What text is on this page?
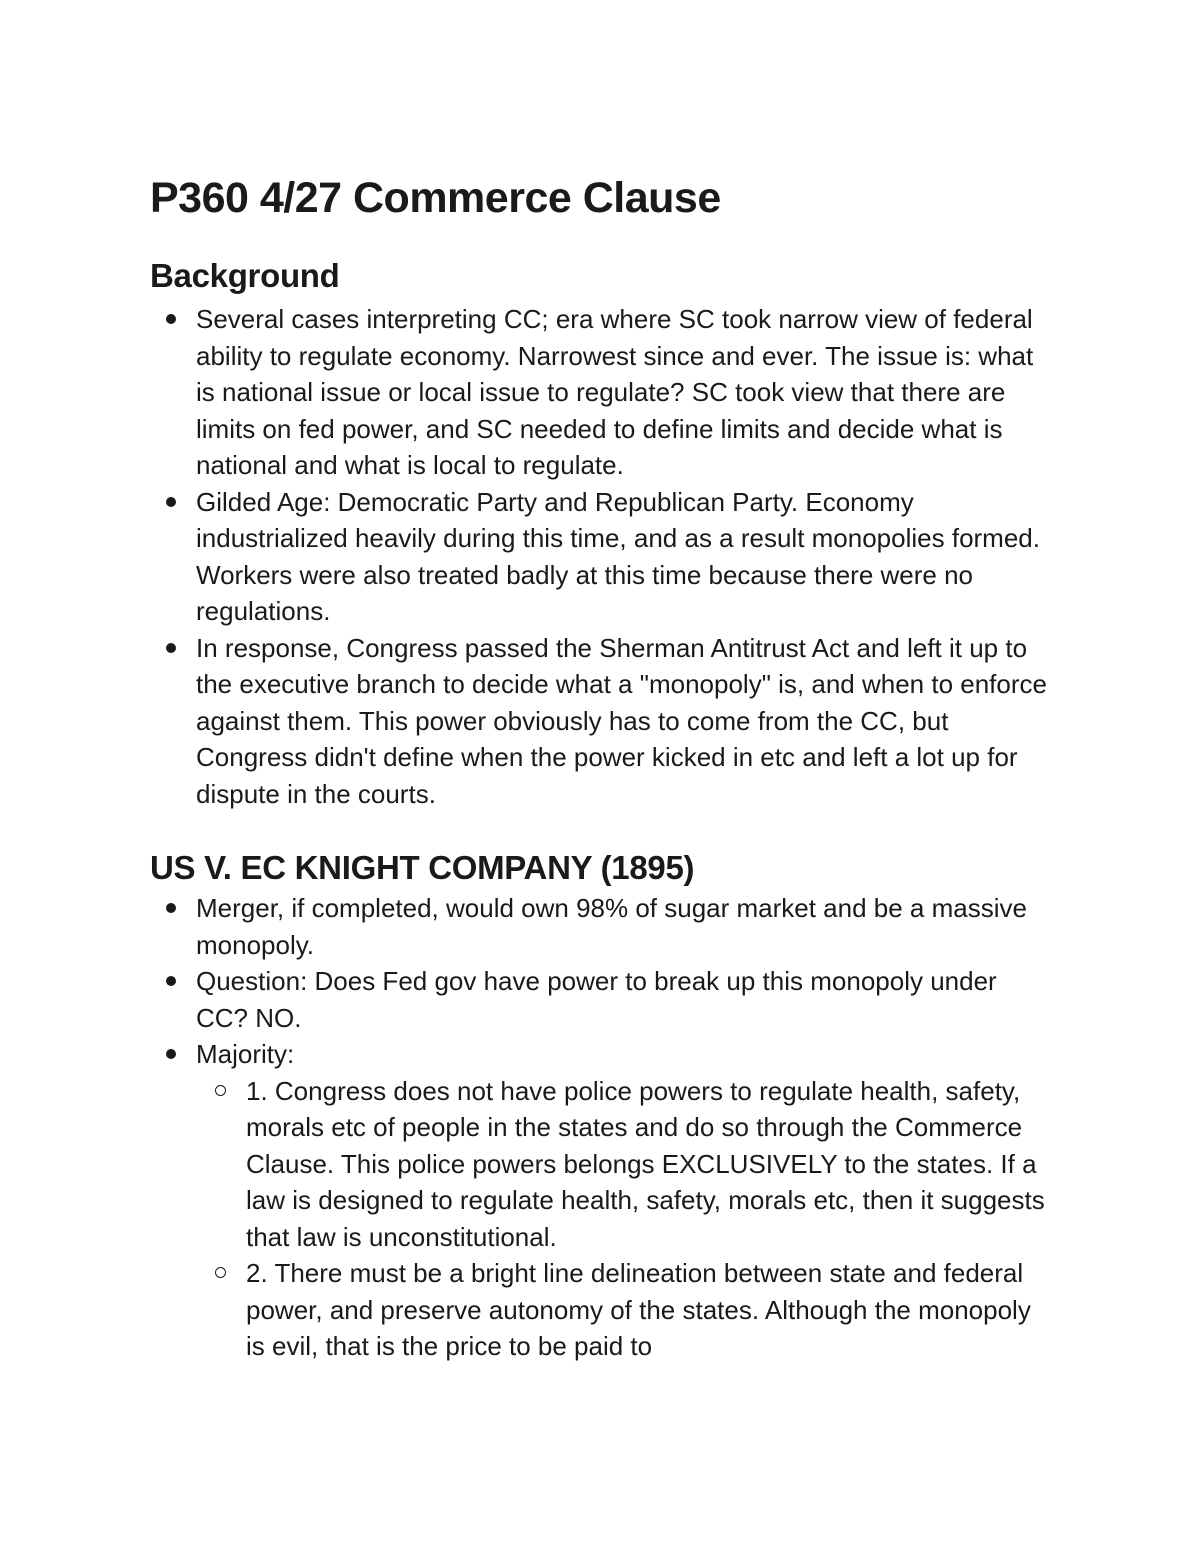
P360 4/27 Commerce Clause
Background
Several cases interpreting CC; era where SC took narrow view of federal ability to regulate economy. Narrowest since and ever. The issue is: what is national issue or local issue to regulate? SC took view that there are limits on fed power, and SC needed to define limits and decide what is national and what is local to regulate.
Gilded Age: Democratic Party and Republican Party. Economy industrialized heavily during this time, and as a result monopolies formed. Workers were also treated badly at this time because there were no regulations.
In response, Congress passed the Sherman Antitrust Act and left it up to the executive branch to decide what a "monopoly" is, and when to enforce against them. This power obviously has to come from the CC, but Congress didn't define when the power kicked in etc and left a lot up for dispute in the courts.
US V. EC KNIGHT COMPANY (1895)
Merger, if completed, would own 98% of sugar market and be a massive monopoly.
Question: Does Fed gov have power to break up this monopoly under CC? NO.
Majority:
1. Congress does not have police powers to regulate health, safety, morals etc of people in the states and do so through the Commerce Clause. This police powers belongs EXCLUSIVELY to the states. If a law is designed to regulate health, safety, morals etc, then it suggests that law is unconstitutional.
2. There must be a bright line delineation between state and federal power, and preserve autonomy of the states. Although the monopoly is evil, that is the price to be paid to
